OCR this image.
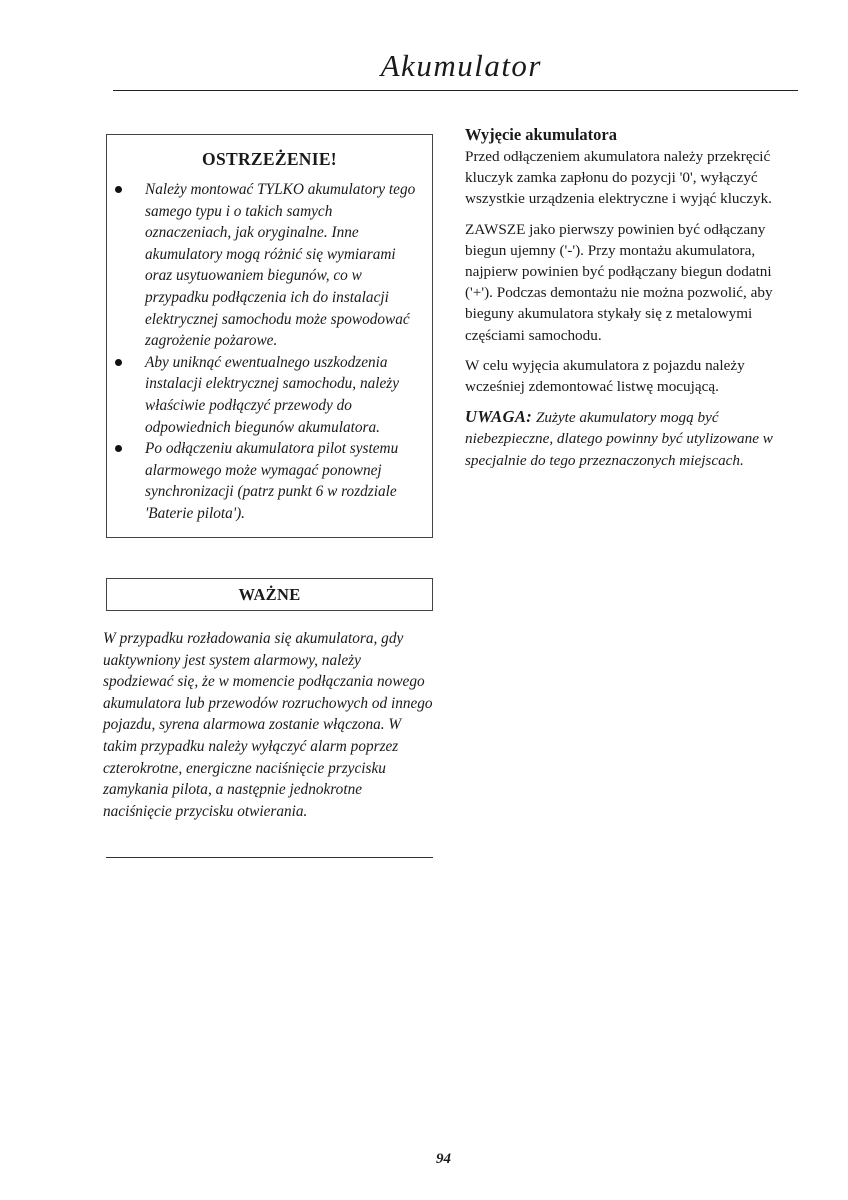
Akumulator
OSTRZEŻENIE!
Należy montować TYLKO akumulatory tego samego typu i o takich samych oznaczeniach, jak oryginalne. Inne akumulatory mogą różnić się wymiarami oraz usytuowaniem biegunów, co w przypadku podłączenia ich do instalacji elektrycznej samochodu może spowodować zagrożenie pożarowe.
Aby uniknąć ewentualnego uszkodzenia instalacji elektrycznej samochodu, należy właściwie podłączyć przewody do odpowiednich biegunów akumulatora.
Po odłączeniu akumulatora pilot systemu alarmowego może wymagać ponownej synchronizacji (patrz punkt 6 w rozdziale 'Baterie pilota').
WAŻNE
W przypadku rozładowania się akumulatora, gdy uaktywniony jest system alarmowy, należy spodziewać się, że w momencie podłączania nowego akumulatora lub przewodów rozruchowych od innego pojazdu, syrena alarmowa zostanie włączona. W takim przypadku należy wyłączyć alarm poprzez czterokrotne, energiczne naciśnięcie przycisku zamykania pilota, a następnie jednokrotne naciśnięcie przycisku otwierania.
Wyjęcie akumulatora

Przed odłączeniem akumulatora należy przekręcić kluczyk zamka zapłonu do pozycji '0', wyłączyć wszystkie urządzenia elektryczne i wyjąć kluczyk.

ZAWSZE jako pierwszy powinien być odłączany biegun ujemny ('-'). Przy montażu akumulatora, najpierw powinien być podłączany biegun dodatni ('+'). Podczas demontażu nie można pozwolić, aby bieguny akumulatora stykały się z metalowymi częściami samochodu.

W celu wyjęcia akumulatora z pojazdu należy wcześniej zdemontować listwę mocującą.

UWAGA: Zużyte akumulatory mogą być niebezpieczne, dlatego powinny być utylizowane w specjalnie do tego przeznaczonych miejscach.

94
